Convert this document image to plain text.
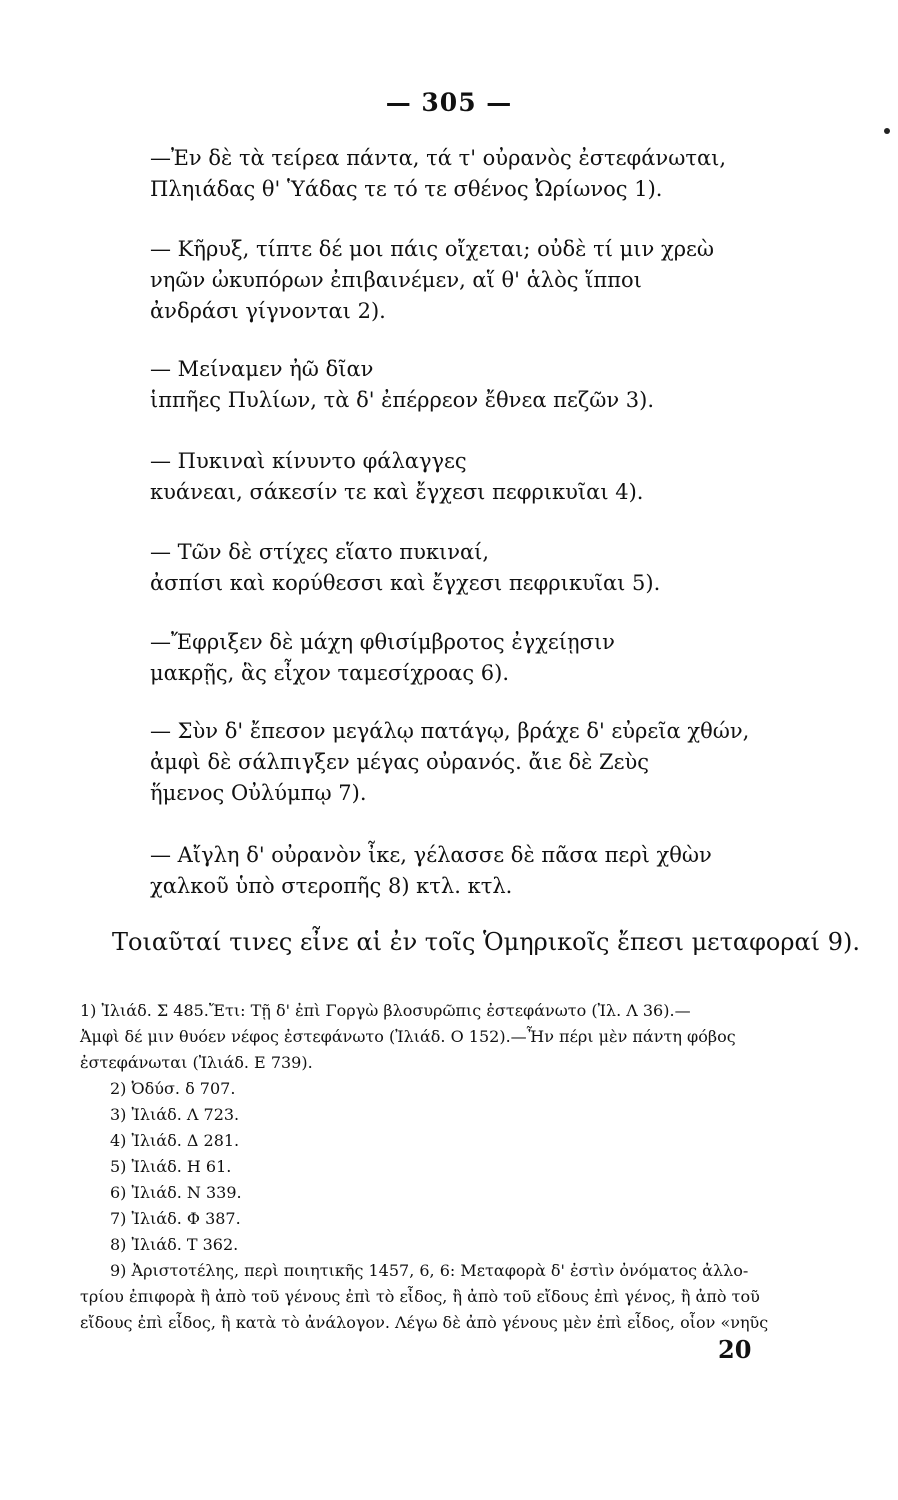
— 305 —
—Ἐν δὲ τὰ τείρεα πάντα, τά τ' οὐρανὸς ἐστεφάνωται,
Πληιάδας θ' Ὑάδας τε τό τε σθένος Ὠρίωνος 1).
— Κῆρυξ, τίπτε δέ μοι πάις οἴχεται; οὐδὲ τί μιν χρεὼ
νηῶν ὠκυπόρων ἐπιβαινέμεν, αἵ θ' ἁλὸς ἵπποι
ἀνδράσι γίγνονται 2).
— Μείναμεν ἠῶ δῖαν
ἱππῆες Πυλίων, τὰ δ' ἐπέρρεον ἔθνεα πεζῶν 3).
— Πυκιναὶ κίνυντο φάλαγγες
κυάνεαι, σάκεσίν τε καὶ ἔγχεσι πεφρικυῖαι 4).
— Τῶν δὲ στίχες εἵατο πυκιναί,
ἀσπίσι καὶ κορύθεσσι καὶ ἔγχεσι πεφρικυῖαι 5).
—Ἔφριξεν δὲ μάχη φθισίμβροτος ἐγχείῃσιν
μακρῇς, ἃς εἶχον ταμεσίχροας 6).
— Σὺν δ' ἔπεσον μεγάλῳ πατάγῳ, βράχε δ' εὐρεῖα χθών,
ἀμφὶ δὲ σάλπιγξεν μέγας οὐρανός. ἄιε δὲ Ζεὺς
ἥμενος Οὐλύμπῳ 7).
— Αἴγλη δ' οὐρανὸν ἶκε, γέλασσε δὲ πᾶσα περὶ χθὼν
χαλκοῦ ὑπὸ στεροπῆς 8) κτλ. κτλ.
Τοιαῦταί τινες εἶνε αἱ ἐν τοῖς Ὁμηρικοῖς ἔπεσι μεταφοραί 9).
1) Ἰλιάδ. Σ 485.Ἔτι: Τῇ δ' ἐπὶ Γοργὼ βλοσυρῶπις ἐστεφάνωτο (Ἰλ. Λ 36).—
Ἀμφὶ δέ μιν θυόεν νέφος ἐστεφάνωτο (Ἰλιάδ. Ο 152).—Ἦν πέρι μὲν πάντη φόβος
ἐστεφάνωται (Ἰλιάδ. Ε 739).
2) Ὀδύσ. δ 707.
3) Ἰλιάδ. Λ 723.
4) Ἰλιάδ. Δ 281.
5) Ἰλιάδ. Η 61.
6) Ἰλιάδ. Ν 339.
7) Ἰλιάδ. Φ 387.
8) Ἰλιάδ. Τ 362.
9) Ἀριστοτέλης, περὶ ποιητικῆς 1457, 6, 6: Μεταφορὰ δ' ἐστὶν ὀνόματος ἀλλο-
τρίου ἐπιφορὰ ἢ ἀπὸ τοῦ γένους ἐπὶ τὸ εἶδος, ἢ ἀπὸ τοῦ εἴδους ἐπὶ γένος, ἢ ἀπὸ τοῦ
εἴδους ἐπὶ εἶδος, ἢ κατὰ τὸ ἀνάλογον. Λέγω δὲ ἀπὸ γένους μὲν ἐπὶ εἶδος, οἷον «νηῦς
20
